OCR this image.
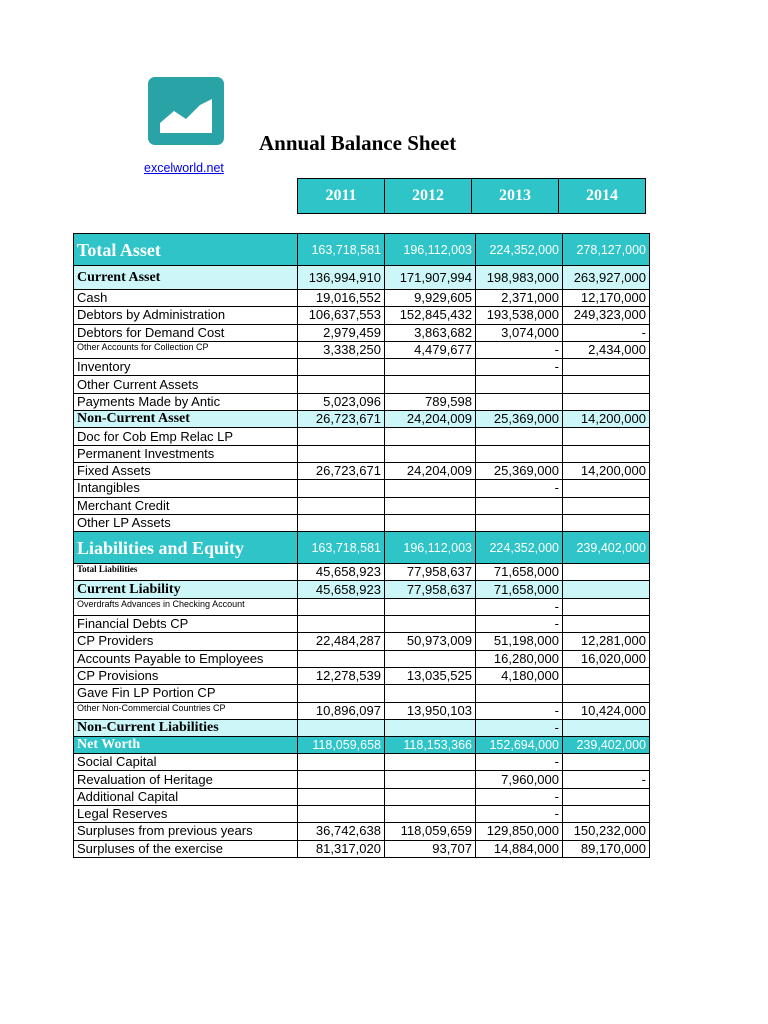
Annual Balance Sheet
excelworld.net
2011	2012	2013	2014
Total Asset	163,718,581	196,112,003	224,352,000	278,127,000
Current Asset	136,994,910	171,907,994	198,983,000	263,927,000
Cash	19,016,552	9,929,605	2,371,000	12,170,000
Debtors by Administration	106,637,553	152,845,432	193,538,000	249,323,000
Debtors for Demand Cost	2,979,459	3,863,682	3,074,000	-
Other Accounts for Collection CP	3,338,250	4,479,677	-	2,434,000
Inventory			-	
Other Current Assets				
Payments Made by Antic	5,023,096	789,598		
Non-Current Asset	26,723,671	24,204,009	25,369,000	14,200,000
Doc for Cob Emp Relac LP				
Permanent Investments				
Fixed Assets	26,723,671	24,204,009	25,369,000	14,200,000
Intangibles			-	
Merchant Credit				
Other LP Assets				
Liabilities and Equity	163,718,581	196,112,003	224,352,000	239,402,000
Total Liabilities	45,658,923	77,958,637	71,658,000	
Current Liability	45,658,923	77,958,637	71,658,000	
Overdrafts Advances in Checking Account			-	
Financial Debts CP			-	
CP Providers	22,484,287	50,973,009	51,198,000	12,281,000
Accounts Payable to Employees			16,280,000	16,020,000
CP Provisions	12,278,539	13,035,525	4,180,000	
Gave Fin LP Portion CP				
Other Non-Commercial Countries CP	10,896,097	13,950,103	-	10,424,000
Non-Current Liabilities			-	
Net Worth	118,059,658	118,153,366	152,694,000	239,402,000
Social Capital			-	
Revaluation of Heritage			7,960,000	-
Additional Capital			-	
Legal Reserves			-	
Surpluses from previous years	36,742,638	118,059,659	129,850,000	150,232,000
Surpluses of the exercise	81,317,020	93,707	14,884,000	89,170,000
